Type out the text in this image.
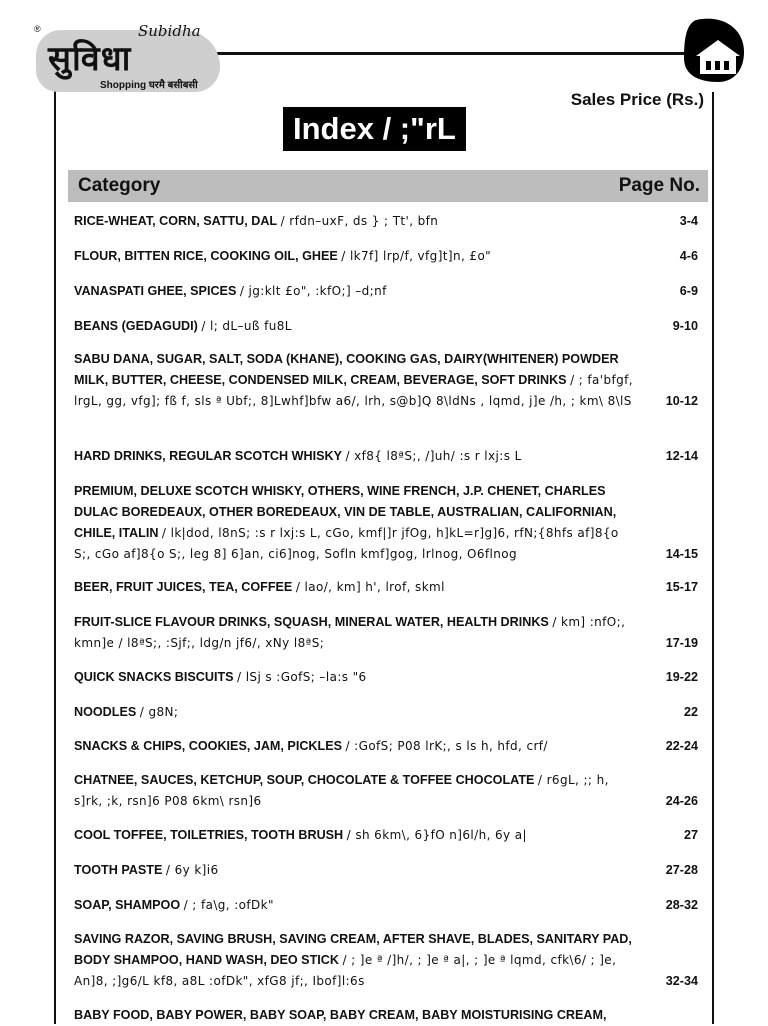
®	Subidha
सुविधा
Shopping घरमै बसीबसी
Sales Price (Rs.)
Index / ;"rL
Category	Page No.
RICE-WHEAT, CORN, SATTU, DAL / rfdn–uxF, ds } ; Tt', bfn	3-4
FLOUR, BITTEN RICE, COOKING OIL, GHEE / lk7f] lrp/f, vfg]t]n, £o"	4-6
VANASPATI GHEE, SPICES / jg:klt £o", :kfO;] –d;nf	6-9
BEANS (GEDAGUDI) / l; dL–uß fu8L	9-10
SABU DANA, SUGAR, SALT, SODA (KHANE), COOKING GAS, DAIRY(WHITENER) POWDER MILK, BUTTER, CHEESE, CONDENSED MILK, CREAM, BEVERAGE, SOFT DRINKS / ; fa'bfgf, lrgL, gg, vfg]; fß f, sls ª Ubf;, 8]Lwhf]bfw a6/, lrh, s@b]Q 8\ldNs , lqmd, j]e /h, ; km\ 8\lS	10-12
HARD DRINKS, REGULAR SCOTCH WHISKY / xf8{ l8ªS;, /]uh/ :s r lxj:s L	12-14
PREMIUM, DELUXE SCOTCH WHISKY, OTHERS, WINE FRENCH, J.P. CHENET, CHARLES DULAC BOREDEAUX, OTHER BOREDEAUX, VIN DE TABLE, AUSTRALIAN, CALIFORNIAN, CHILE, ITALIN / lk|dod, l8nS; :s r lxj:s L, cGo, kmf|]r jfOg, h]kL=r]g]6, rfN;{8hfs af]8{o S;, cGo af]8{o S;, leg 8] 6]an, ci6]nog, Sofln kmf]gog, lrlnog, O6flnog	14-15
BEER, FRUIT JUICES, TEA, COFFEE / lao/, km] h', lrof, skml	15-17
FRUIT-SLICE FLAVOUR DRINKS, SQUASH, MINERAL WATER, HEALTH DRINKS / km] :nfO;, kmn]e / l8ªS;, :Sjf;, ldg/n jf6/, xNy l8ªS;	17-19
QUICK SNACKS BISCUITS / lSj s :GofS; –la:s "6	19-22
NOODLES / g8N;	22
SNACKS & CHIPS, COOKIES, JAM, PICKLES / :GofS; P08 lrK;, s ls h, hfd, crf/	22-24
CHATNEE, SAUCES, KETCHUP, SOUP, CHOCOLATE & TOFFEE CHOCOLATE / r6gL, ;; h, s]rk, ;k, rsn]6 P08 6km\ rsn]6	24-26
COOL TOFFEE, TOILETRIES, TOOTH BRUSH / sh 6km\, 6}fO n]6l/h, 6y a|	27
TOOTH PASTE / 6y k]i6	27-28
SOAP, SHAMPOO / ; fa\g, :ofDk"	28-32
SAVING RAZOR, SAVING BRUSH, SAVING CREAM, AFTER SHAVE, BLADES, SANITARY PAD, BODY SHAMPOO, HAND WASH, DEO STICK / ; ]e ª /]h/, ; ]e ª a|, ; ]e ª lqmd, cfk\6/ ; ]e, An]8, ;]g6/L kf8, a8L :ofDk", xfG8 jf;, Ibof]l:6s	32-34
BABY FOOD, BABY POWER, BABY SOAP, BABY CREAM, BABY MOISTURISING CREAM,
